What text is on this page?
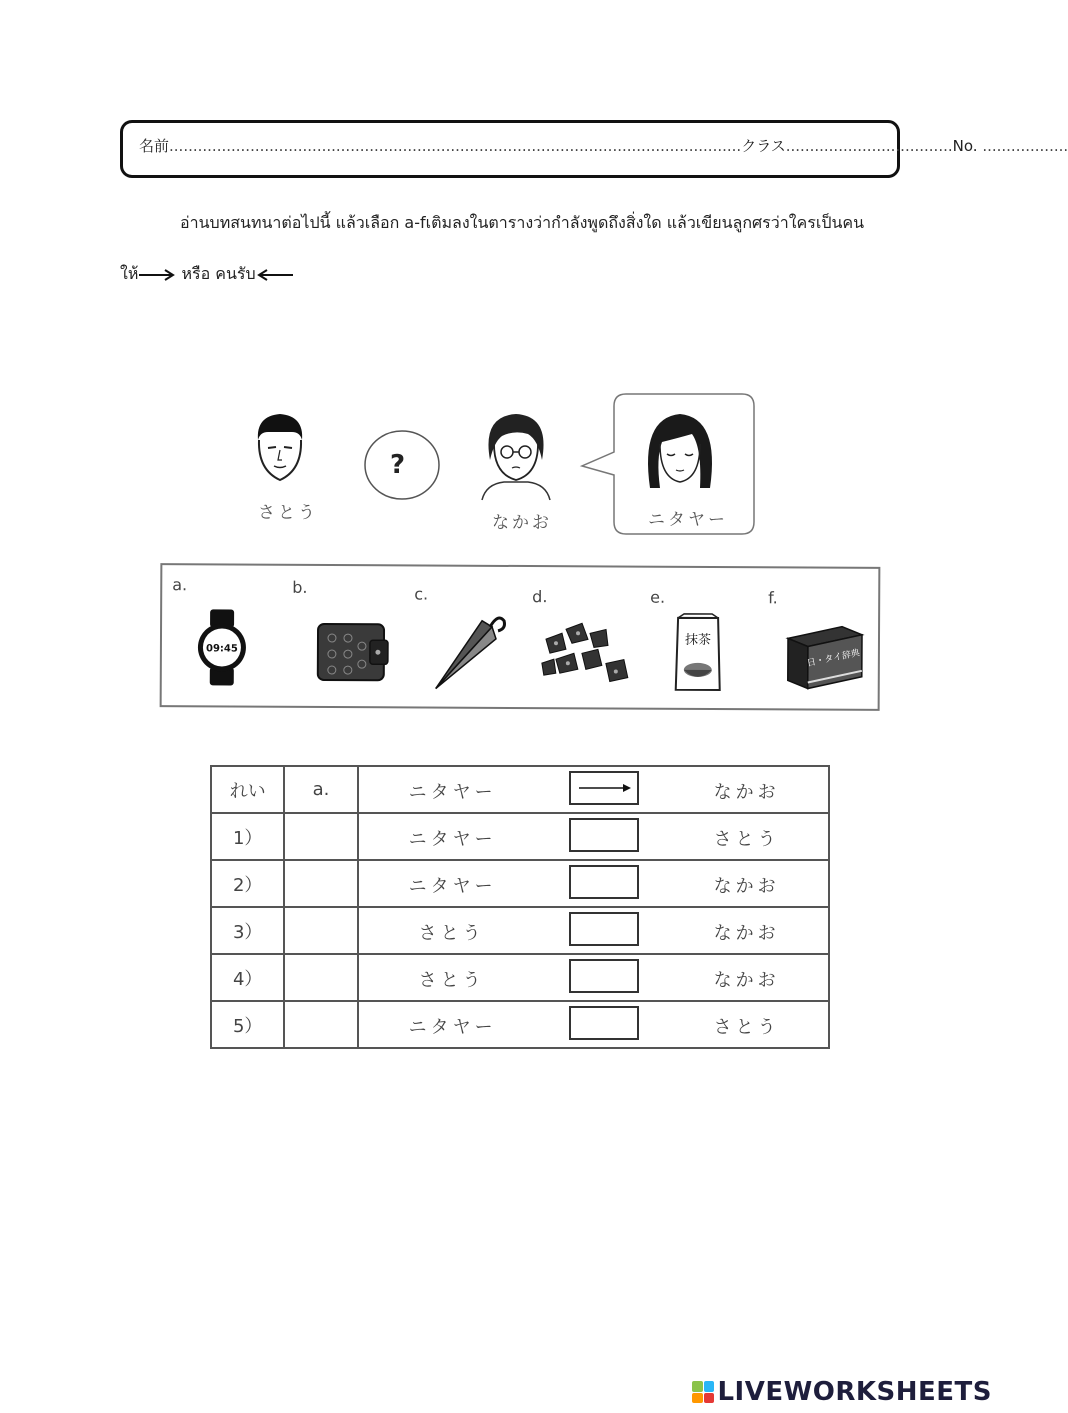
名前........................................................................................................................クラス...................................No. ..................
อ่านบทสนทนาต่อไปนี้ แล้วเลือก a-fเติมลงในตารางว่ากำลังพูดถึงสิ่งใด แล้วเขียนลูกศรว่าใครเป็นคน
ให้	หรือ คนรับ
さとう
?
なかお	ニタヤー
a.	b.	c.	d.	e.	f.
09:45
抹茶
日・タイ辞典
れい	a.	ニタヤー なかお

1）		ニタヤー さとう

2）		ニタヤー なかお

3）		さとう なかお

4）		さとう なかお

5）		ニタヤー さとう
LIVEWORKSHEETS
